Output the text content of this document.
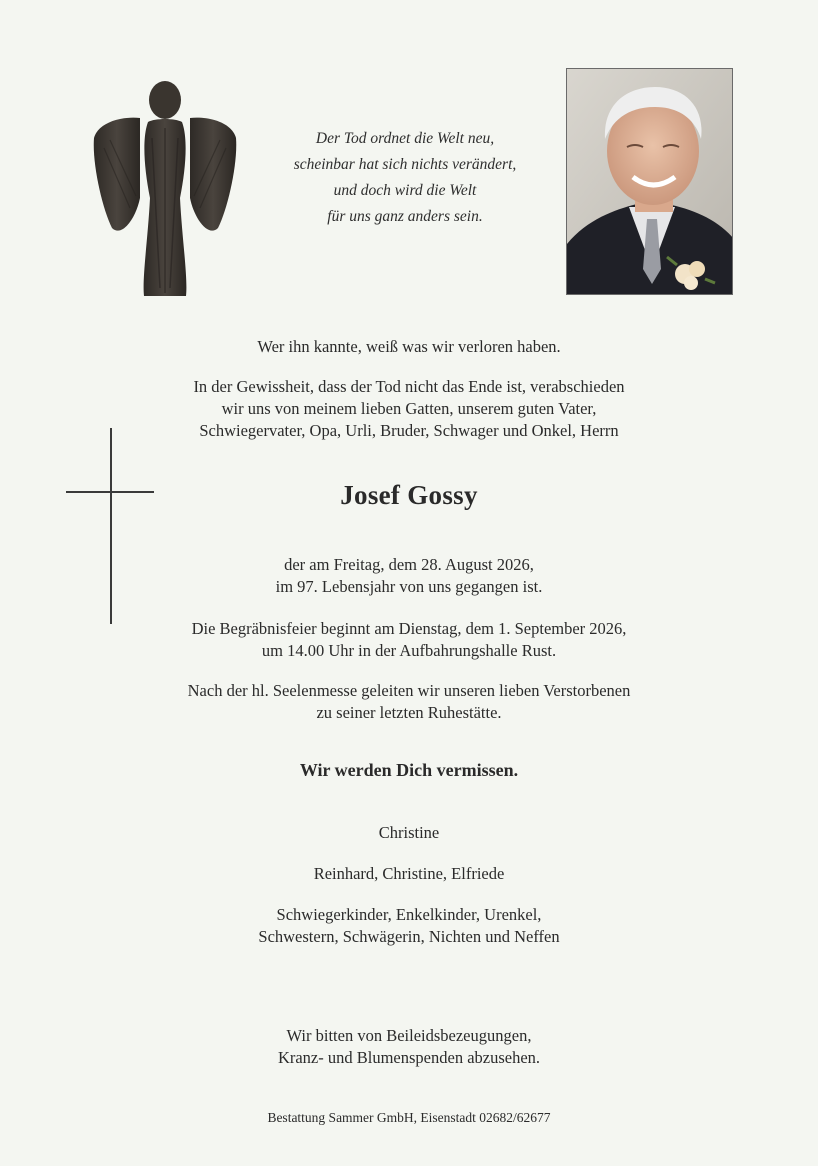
Der Tod ordnet die Welt neu,
scheinbar hat sich nichts verändert,
und doch wird die Welt
für uns ganz anders sein.
Wer ihn kannte, weiß was wir verloren haben.
In der Gewissheit, dass der Tod nicht das Ende ist, verabschieden
wir uns von meinem lieben Gatten, unserem guten Vater,
Schwiegervater, Opa, Urli, Bruder, Schwager und Onkel, Herrn
Josef Gossy
der am Freitag, dem 28. August 2026,
im 97. Lebensjahr von uns gegangen ist.
Die Begräbnisfeier beginnt am Dienstag, dem 1. September 2026,
um 14.00 Uhr in der Aufbahrungshalle Rust.
Nach der hl. Seelenmesse geleiten wir unseren lieben Verstorbenen
zu seiner letzten Ruhestätte.
Wir werden Dich vermissen.
Christine
Reinhard, Christine, Elfriede
Schwiegerkinder, Enkelkinder, Urenkel,
Schwestern, Schwägerin, Nichten und Neffen
Wir bitten von Beileidsbezeugungen,
Kranz- und Blumenspenden abzusehen.
Bestattung Sammer GmbH, Eisenstadt 02682/62677
